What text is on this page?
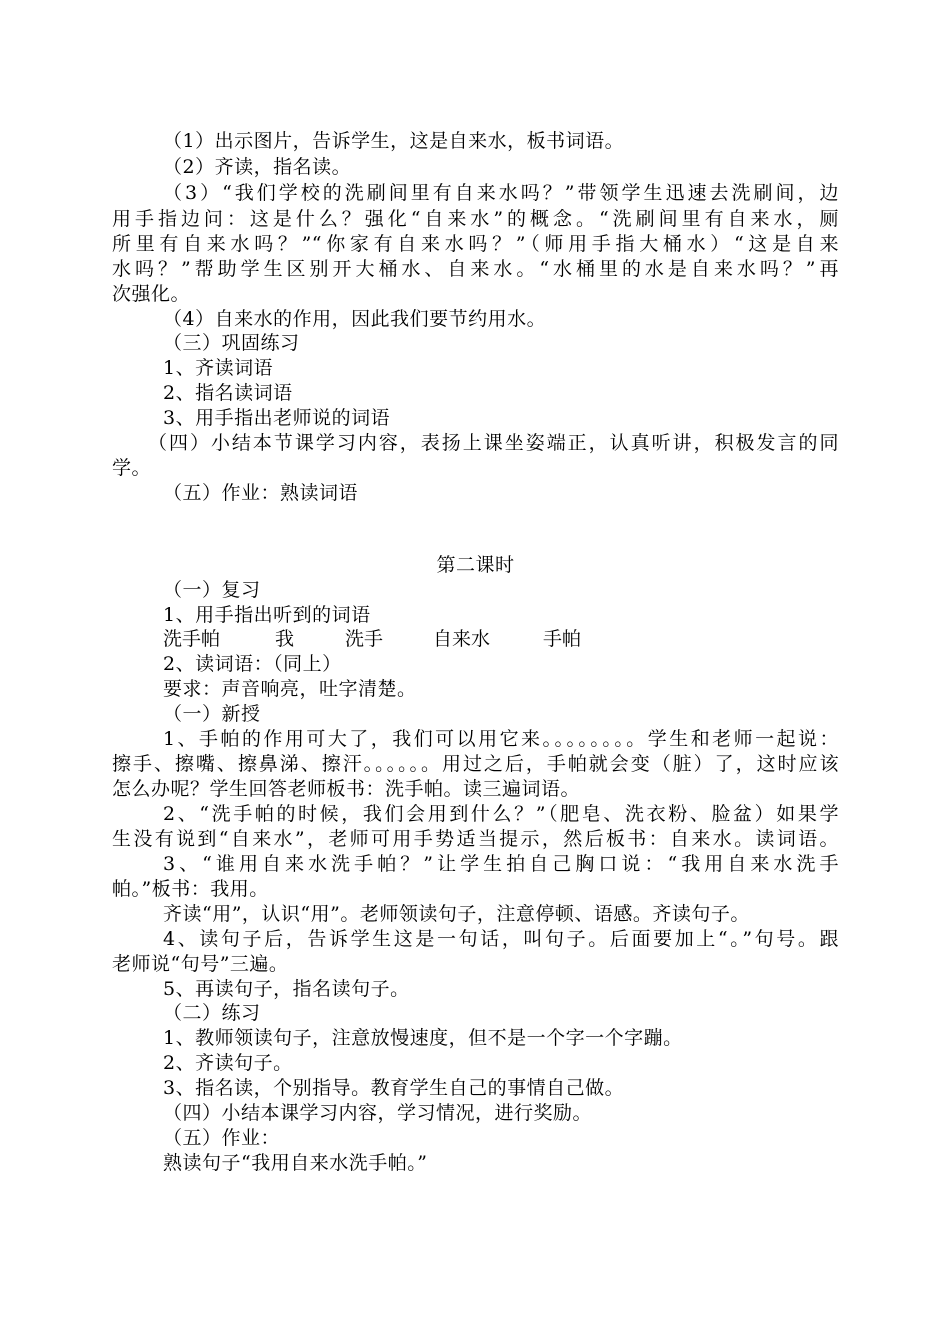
（1）出示图片，告诉学生，这是自来水，板书词语。
（2）齐读，指名读。
（3）“我们学校的洗刷间里有自来水吗？”带领学生迅速去洗刷间，边
用手指边问：这是什么？强化“自来水”的概念。“洗刷间里有自来水，厕
所里有自来水吗？”“你家有自来水吗？”（师用手指大桶水）“这是自来
水吗？”帮助学生区别开大桶水、自来水。“水桶里的水是自来水吗？”再
次强化。
（4）自来水的作用，因此我们要节约用水。
（三）巩固练习
1、齐读词语
2、指名读词语
3、用手指出老师说的词语
（四）小结本节课学习内容，表扬上课坐姿端正，认真听讲，积极发言的同
学。
（五）作业：熟读词语
第二课时
（一）复习
1、用手指出听到的词语
洗手帕	我	洗手	自来水	手帕
2、读词语：（同上）
要求：声音响亮，吐字清楚。
（一）新授
1、手帕的作用可大了，我们可以用它来。。。。。。。。学生和老师一起说：
擦手、擦嘴、擦鼻涕、擦汗。。。。。。用过之后，手帕就会变（脏）了，这时应该
怎么办呢？学生回答老师板书：洗手帕。读三遍词语。
2、“洗手帕的时候，我们会用到什么？”（肥皂、洗衣粉、脸盆）如果学
生没有说到“自来水”，老师可用手势适当提示，然后板书：自来水。读词语。
3、“谁用自来水洗手帕？”让学生拍自己胸口说：“我用自来水洗手
帕。”板书：我用。
齐读“用”，认识“用”。老师领读句子，注意停顿、语感。齐读句子。
4、读句子后，告诉学生这是一句话，叫句子。后面要加上“。”句号。跟
老师说“句号”三遍。
5、再读句子，指名读句子。
（二）练习
1、教师领读句子，注意放慢速度，但不是一个字一个字蹦。
2、齐读句子。
3、指名读，个别指导。教育学生自己的事情自己做。
（四）小结本课学习内容，学习情况，进行奖励。
（五）作业：
熟读句子“我用自来水洗手帕。”
